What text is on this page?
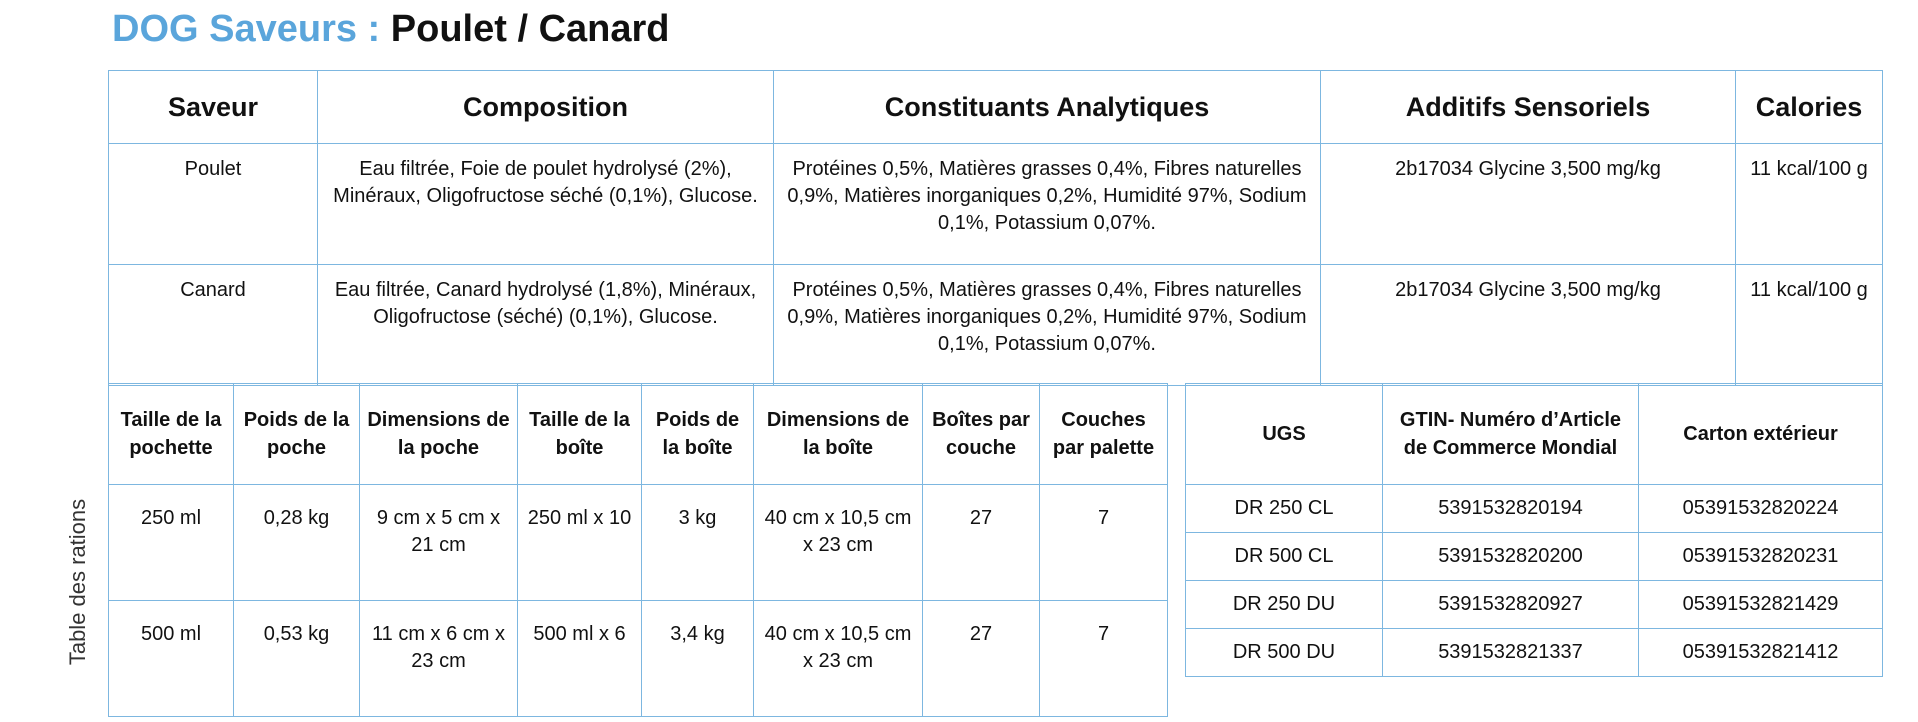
DOG Saveurs : Poulet / Canard
Saveur	Composition	Constituants Analytiques	Additifs Sensoriels	Calories
Poulet	Eau filtrée, Foie de poulet hydrolysé (2%), Minéraux, Oligofructose séché (0,1%), Glucose.	Protéines 0,5%, Matières grasses 0,4%, Fibres naturelles 0,9%, Matières inorganiques 0,2%, Humidité 97%, Sodium 0,1%, Potassium 0,07%.	2b17034 Glycine 3,500 mg/kg	11 kcal/100 g
Canard	Eau filtrée, Canard hydrolysé (1,8%), Minéraux, Oligofructose (séché) (0,1%), Glucose.	Protéines 0,5%, Matières grasses 0,4%, Fibres naturelles 0,9%, Matières inorganiques 0,2%, Humidité 97%, Sodium 0,1%, Potassium 0,07%.	2b17034 Glycine 3,500 mg/kg	11 kcal/100 g
Table des rations
Taille de la pochette	Poids de la poche	Dimensions de la poche	Taille de la boîte	Poids de la boîte	Dimensions de la boîte	Boîtes par couche	Couches par palette
250 ml	0,28 kg	9 cm x 5 cm x 21 cm	250 ml x 10	3 kg	40 cm x 10,5 cm x 23 cm	27	7
500 ml	0,53 kg	11 cm x 6 cm x 23 cm	500 ml x 6	3,4 kg	40 cm x 10,5 cm x 23 cm	27	7
UGS	GTIN- Numéro d’Article de Commerce Mondial	Carton extérieur
DR 250 CL	5391532820194	05391532820224
DR 500 CL	5391532820200	05391532820231
DR 250 DU	5391532820927	05391532821429
DR 500 DU	5391532821337	05391532821412
